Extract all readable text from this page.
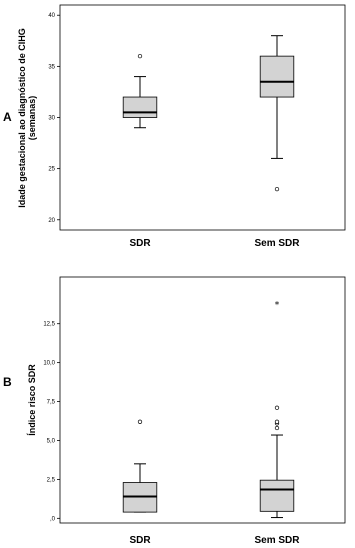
A Idade gestacional ao diagnóstico de CIHG (semanas)
20
25
30
35
40
SDR	Sem SDR
B Índice risco SDR
,0
2,5
5,0
7,5
10,0
12,5
SDR
*
Sem SDR
